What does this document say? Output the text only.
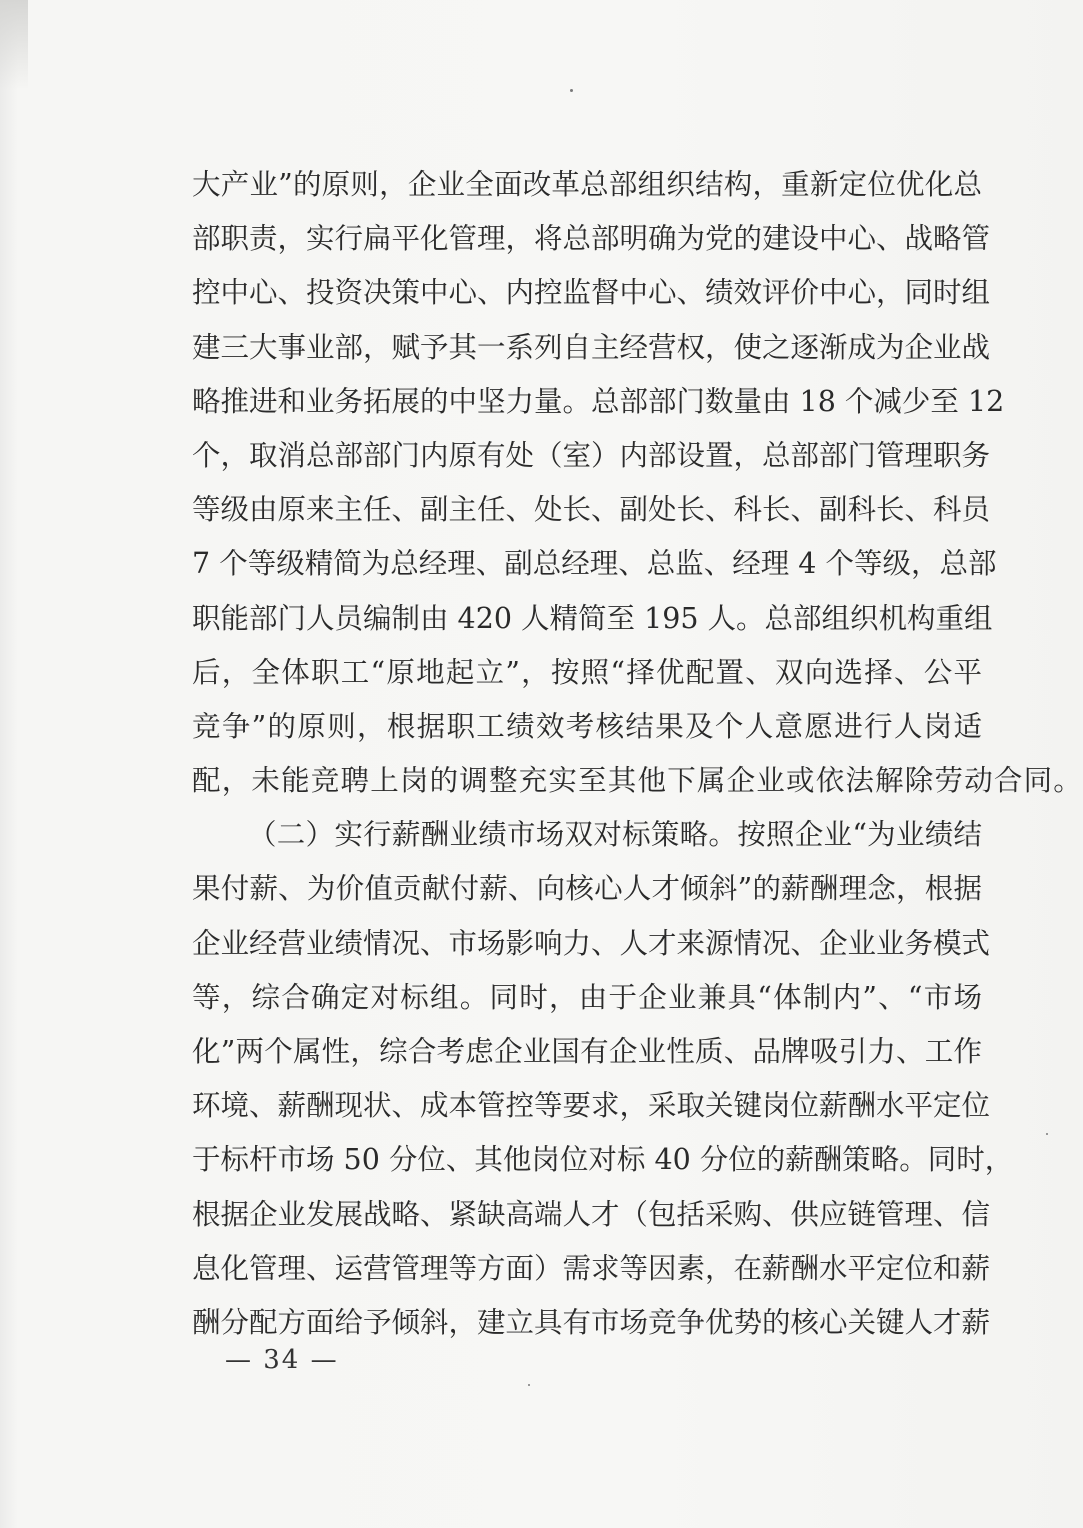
大产业”的原则，企业全面改革总部组织结构，重新定位优化总
部职责，实行扁平化管理，将总部明确为党的建设中心、战略管
控中心、投资决策中心、内控监督中心、绩效评价中心，同时组
建三大事业部，赋予其一系列自主经营权，使之逐渐成为企业战
略推进和业务拓展的中坚力量。总部部门数量由 18 个减少至 12
个，取消总部部门内原有处（室）内部设置，总部部门管理职务
等级由原来主任、副主任、处长、副处长、科长、副科长、科员
7 个等级精简为总经理、副总经理、总监、经理 4 个等级，总部
职能部门人员编制由 420 人精简至 195 人。总部组织机构重组
后，全体职工“原地起立”，按照“择优配置、双向选择、公平
竞争”的原则，根据职工绩效考核结果及个人意愿进行人岗适
配，未能竞聘上岗的调整充实至其他下属企业或依法解除劳动合同。
（二）实行薪酬业绩市场双对标策略。按照企业“为业绩结
果付薪、为价值贡献付薪、向核心人才倾斜”的薪酬理念，根据
企业经营业绩情况、市场影响力、人才来源情况、企业业务模式
等，综合确定对标组。同时，由于企业兼具“体制内”、“市场
化”两个属性，综合考虑企业国有企业性质、品牌吸引力、工作
环境、薪酬现状、成本管控等要求，采取关键岗位薪酬水平定位
于标杆市场 50 分位、其他岗位对标 40 分位的薪酬策略。同时，
根据企业发展战略、紧缺高端人才（包括采购、供应链管理、信
息化管理、运营管理等方面）需求等因素，在薪酬水平定位和薪
酬分配方面给予倾斜，建立具有市场竞争优势的核心关键人才薪
— 34 —
